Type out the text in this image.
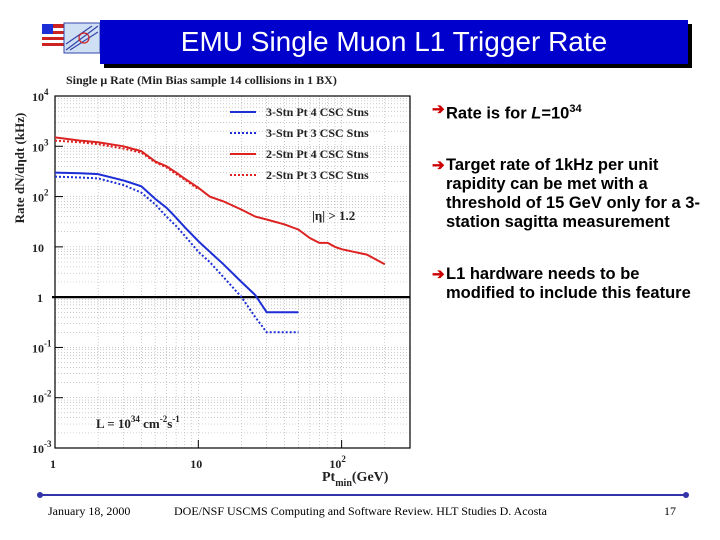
EMU Single Muon L1 Trigger Rate
Single μ Rate (Min Bias sample 14 collisions in 1 BX)
Rate dN/dηdt (kHz)
$10^4$
$10^3$
$10^2$
10
1
$10^{-1}$
$10^{-2}$
$10^{-3}$
1	10	$10^2$
3-Stn Pt 4 CSC Stns
3-Stn Pt 3 CSC Stns
2-Stn Pt 4 CSC Stns
2-Stn Pt 3 CSC Stns
|η| > 1.2
$L = 10^{34}$ $cm^{-2}s^{-1}$
$Pt_{min}(GeV)$
➔ Rate is for $L=10^{34}$
➔ Target rate of 1kHz per unit rapidity can be met with a threshold of 15 GeV only for a 3-station sagitta measurement
➔ L1 hardware needs to be modified to include this feature
January 18, 2000	DOE/NSF USCMS Computing and Software Review. HLT Studies D. Acosta	17
